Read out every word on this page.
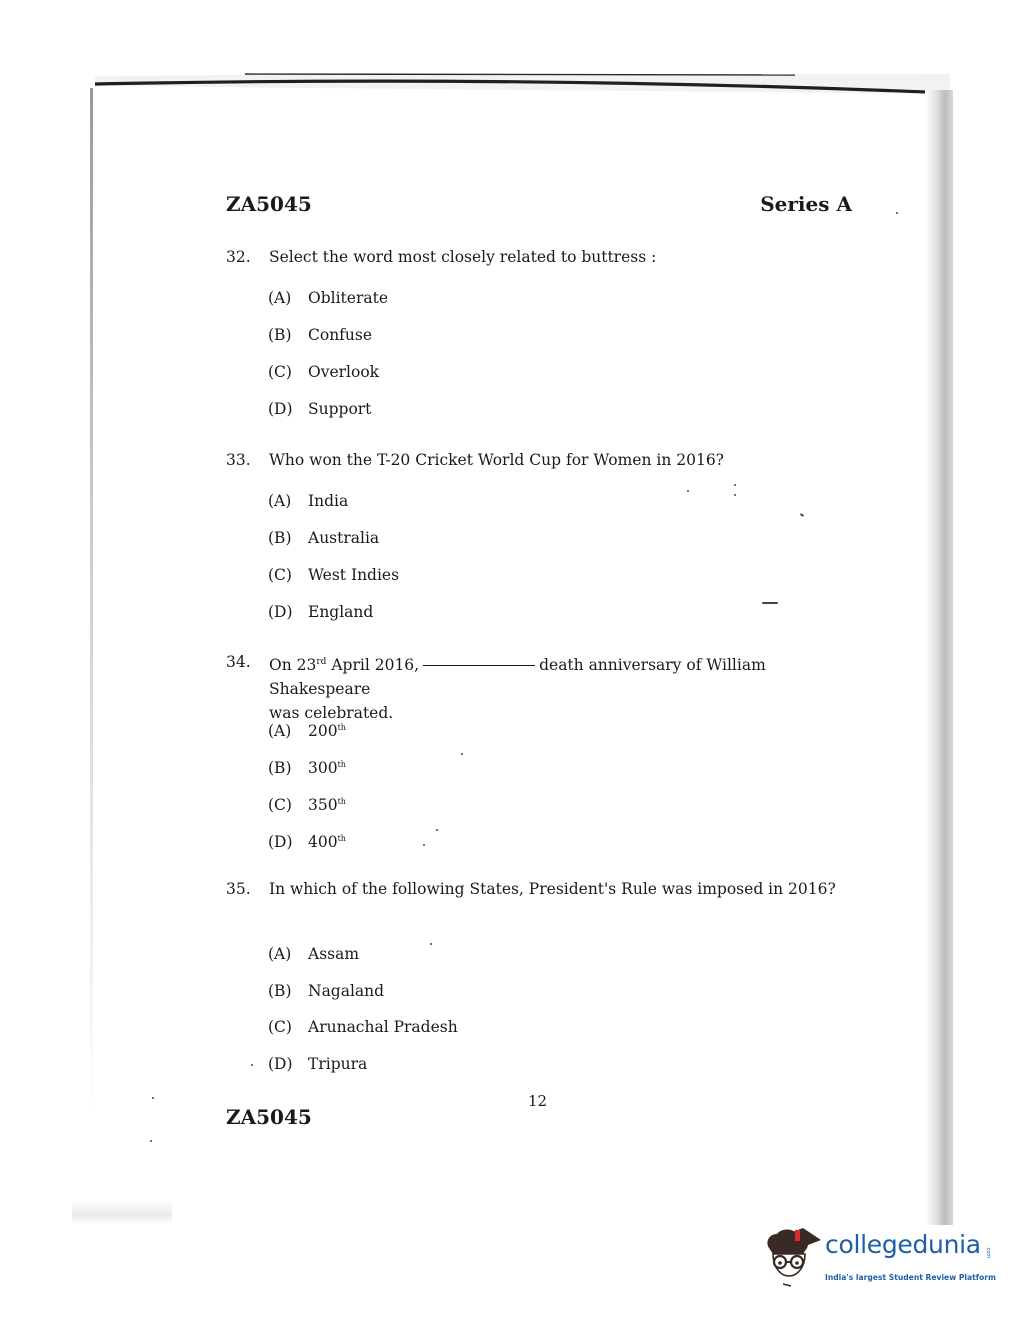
ZA5045	Series A
32. Select the word most closely related to buttress :
(A) Obliterate
(B) Confuse
(C) Overlook
(D) Support
33. Who won the T-20 Cricket World Cup for Women in 2016?
(A) India
(B) Australia
(C) West Indies
(D) England
34. On 23rd April 2016,	death anniversary of William Shakespeare
was celebrated.
(A) 200th
(B) 300th
(C) 350th
(D) 400th
35. In which of the following States, President's Rule was imposed in 2016?
(A) Assam
(B) Nagaland
(C) Arunachal Pradesh
(D) Tripura
12
ZA5045
collegedunia .com
India's largest Student Review Platform
